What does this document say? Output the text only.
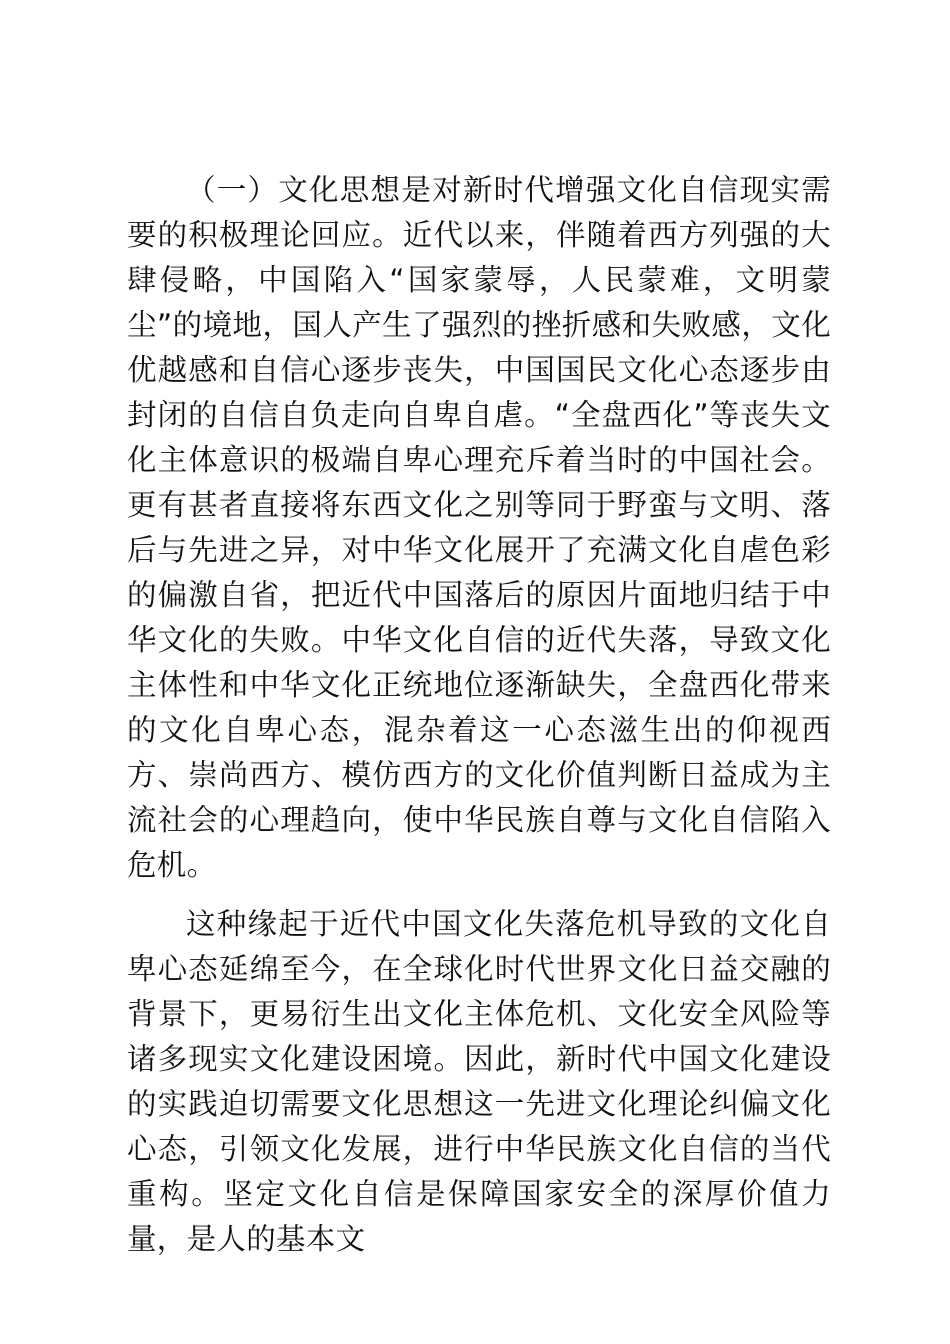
（一）文化思想是对新时代增强文化自信现实需要的积极理论回应。近代以来，伴随着西方列强的大肆侵略，中国陷入“国家蒙辱，人民蒙难，文明蒙尘”的境地，国人产生了强烈的挫折感和失败感，文化优越感和自信心逐步丧失，中国国民文化心态逐步由封闭的自信自负走向自卑自虐。“全盘西化”等丧失文化主体意识的极端自卑心理充斥着当时的中国社会。更有甚者直接将东西文化之别等同于野蛮与文明、落后与先进之异，对中华文化展开了充满文化自虐色彩的偏激自省，把近代中国落后的原因片面地归结于中华文化的失败。中华文化自信的近代失落，导致文化主体性和中华文化正统地位逐渐缺失，全盘西化带来的文化自卑心态，混杂着这一心态滋生出的仰视西方、崇尚西方、模仿西方的文化价值判断日益成为主流社会的心理趋向，使中华民族自尊与文化自信陷入危机。

这种缘起于近代中国文化失落危机导致的文化自卑心态延绵至今，在全球化时代世界文化日益交融的背景下，更易衍生出文化主体危机、文化安全风险等诸多现实文化建设困境。因此，新时代中国文化建设的实践迫切需要文化思想这一先进文化理论纠偏文化心态，引领文化发展，进行中华民族文化自信的当代重构。坚定文化自信是保障国家安全的深厚价值力量，是人的基本文
